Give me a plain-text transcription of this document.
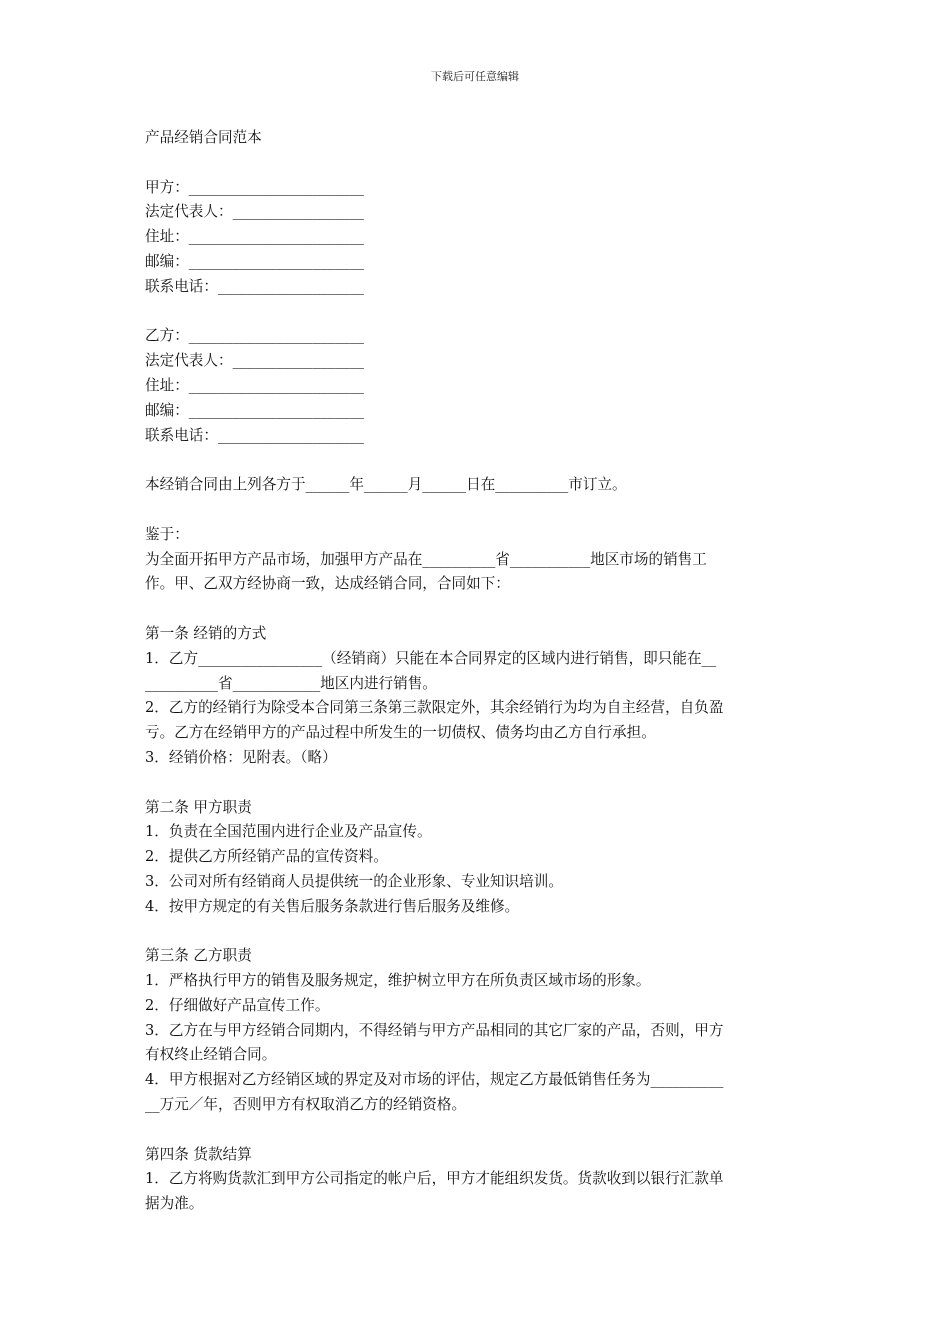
下载后可任意编辑
产品经销合同范本
甲方：________________________
法定代表人：__________________
住址：________________________
邮编：________________________
联系电话：____________________
乙方：________________________
法定代表人：__________________
住址：________________________
邮编：________________________
联系电话：____________________
本经销合同由上列各方于______年______月______日在__________市订立。
鉴于：
为全面开拓甲方产品市场，加强甲方产品在__________省___________地区市场的销售工
作。甲、乙双方经协商一致，达成经销合同，合同如下：
第一条 经销的方式
1．乙方_________________（经销商）只能在本合同界定的区域内进行销售，即只能在__
__________省____________地区内进行销售。
2．乙方的经销行为除受本合同第三条第三款限定外，其余经销行为均为自主经营，自负盈
亏。乙方在经销甲方的产品过程中所发生的一切债权、债务均由乙方自行承担。
3．经销价格：见附表。（略）
第二条 甲方职责
1．负责在全国范围内进行企业及产品宣传。
2．提供乙方所经销产品的宣传资料。
3．公司对所有经销商人员提供统一的企业形象、专业知识培训。
4．按甲方规定的有关售后服务条款进行售后服务及维修。
第三条 乙方职责
1．严格执行甲方的销售及服务规定，维护树立甲方在所负责区域市场的形象。
2．仔细做好产品宣传工作。
3．乙方在与甲方经销合同期内，不得经销与甲方产品相同的其它厂家的产品，否则，甲方
有权终止经销合同。
4．甲方根据对乙方经销区域的界定及对市场的评估，规定乙方最低销售任务为__________
__万元／年，否则甲方有权取消乙方的经销资格。
第四条 货款结算
1．乙方将购货款汇到甲方公司指定的帐户后，甲方才能组织发货。货款收到以银行汇款单
据为准。
